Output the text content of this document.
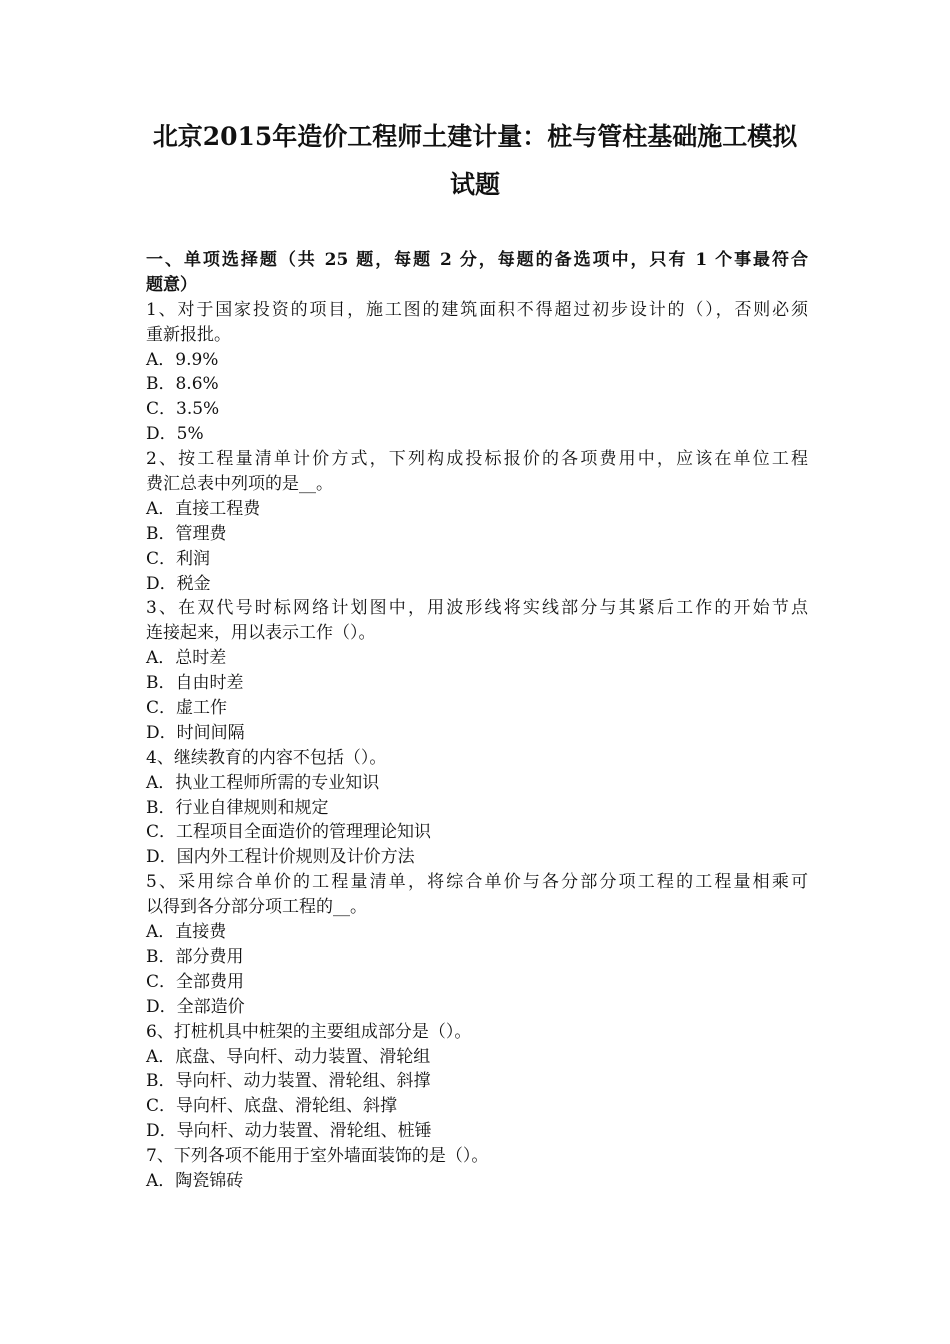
北京2015年造价工程师土建计量：桩与管柱基础施工模拟
试题
一、单项选择题（共 25 题，每题 2 分，每题的备选项中，只有 1 个事最符合
题意）
1、对于国家投资的项目，施工图的建筑面积不得超过初步设计的（），否则必须
重新报批。
A．9.9%
B．8.6%
C．3.5%
D．5%
2、按工程量清单计价方式，下列构成投标报价的各项费用中，应该在单位工程
费汇总表中列项的是__。
A．直接工程费
B．管理费
C．利润
D．税金
3、在双代号时标网络计划图中，用波形线将实线部分与其紧后工作的开始节点
连接起来，用以表示工作（）。
A．总时差
B．自由时差
C．虚工作
D．时间间隔
4、继续教育的内容不包括（）。
A．执业工程师所需的专业知识
B．行业自律规则和规定
C．工程项目全面造价的管理理论知识
D．国内外工程计价规则及计价方法
5、采用综合单价的工程量清单，将综合单价与各分部分项工程的工程量相乘可
以得到各分部分项工程的__。
A．直接费
B．部分费用
C．全部费用
D．全部造价
6、打桩机具中桩架的主要组成部分是（）。
A．底盘、导向杆、动力装置、滑轮组
B．导向杆、动力装置、滑轮组、斜撑
C．导向杆、底盘、滑轮组、斜撑
D．导向杆、动力装置、滑轮组、桩锤
7、下列各项不能用于室外墙面装饰的是（）。
A．陶瓷锦砖
